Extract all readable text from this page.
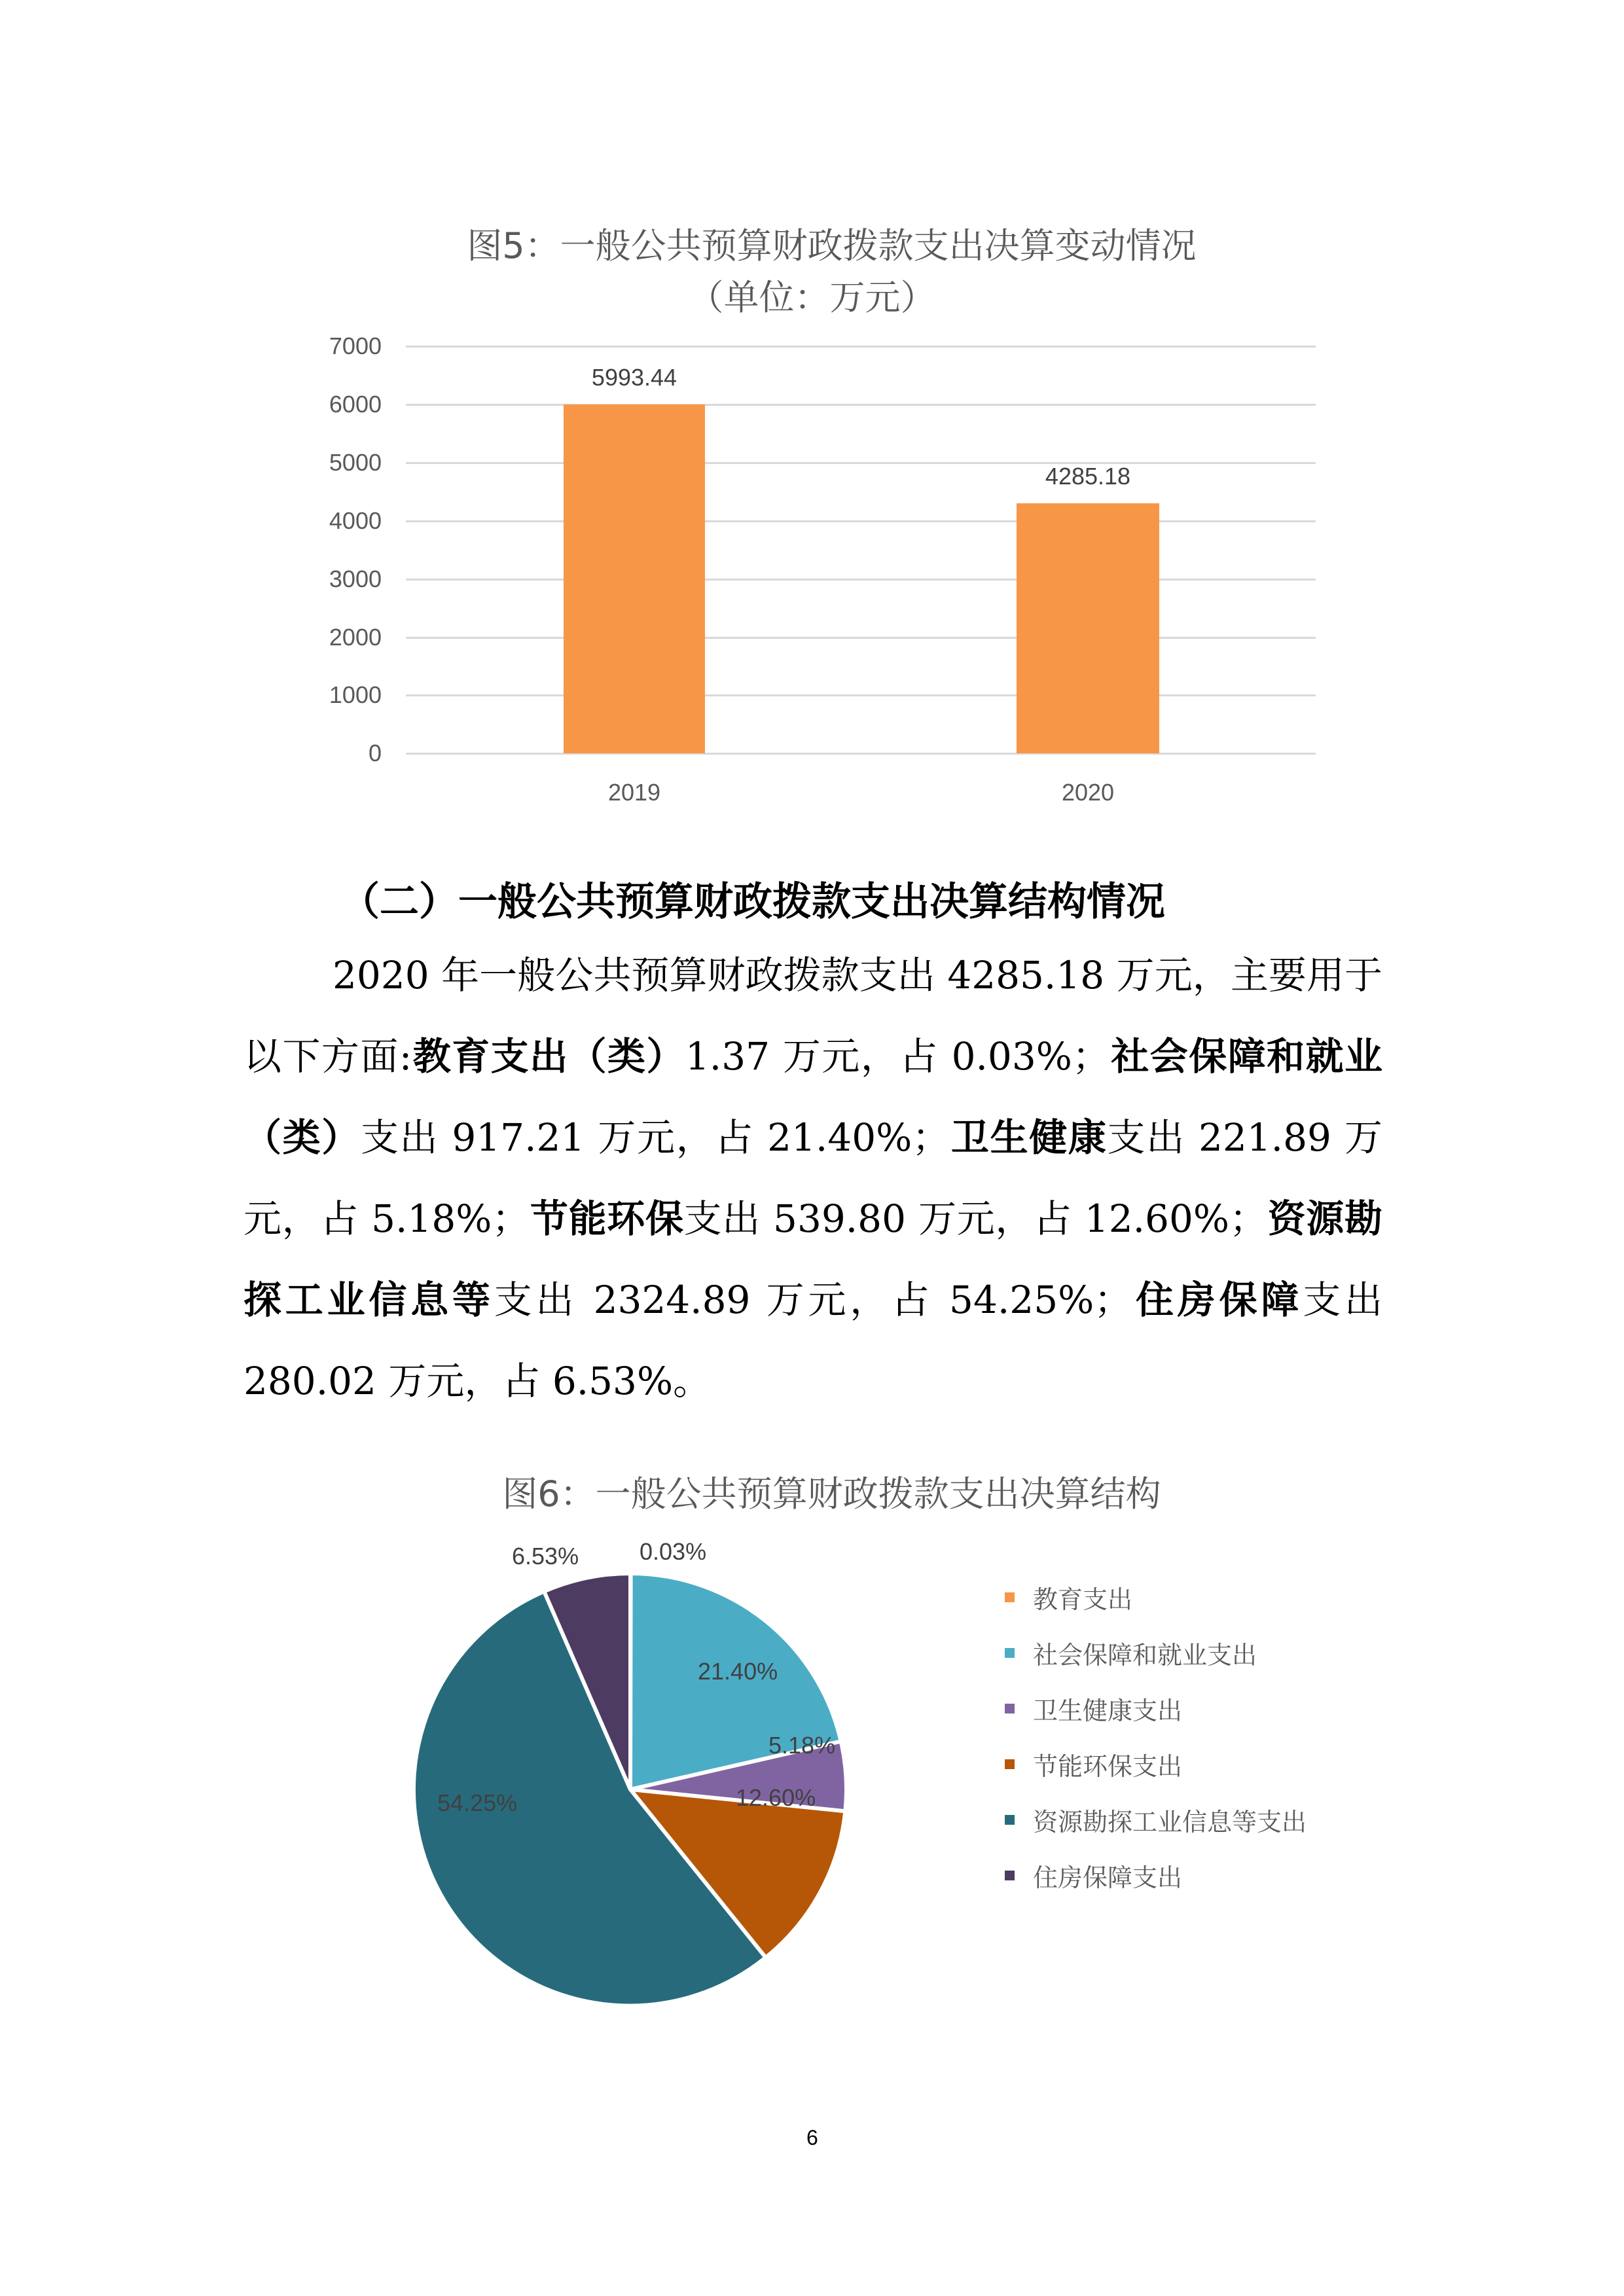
图5：一般公共预算财政拨款支出决算变动情况
（单位：万元）
7000
6000
5000
4000
3000
2000
1000
0
5993.44
4285.18
2019	2020
（二）一般公共预算财政拨款支出决算结构情况
2020 年一般公共预算财政拨款支出 4285.18 万元，主要用于以下方面:教育支出（类）1.37 万元，占 0.03%；社会保障和就业（类）支出 917.21 万元，占 21.40%；卫生健康支出 221.89 万元，占 5.18%；节能环保支出 539.80 万元，占 12.60%；资源勘探工业信息等支出 2324.89 万元，占 54.25%；住房保障支出 280.02 万元，占 6.53%。
图6：一般公共预算财政拨款支出决算结构
0.03%
21.40%
5.18%
12.60%
54.25%
6.53%
教育支出
社会保障和就业支出
卫生健康支出
节能环保支出
资源勘探工业信息等支出
住房保障支出
6
